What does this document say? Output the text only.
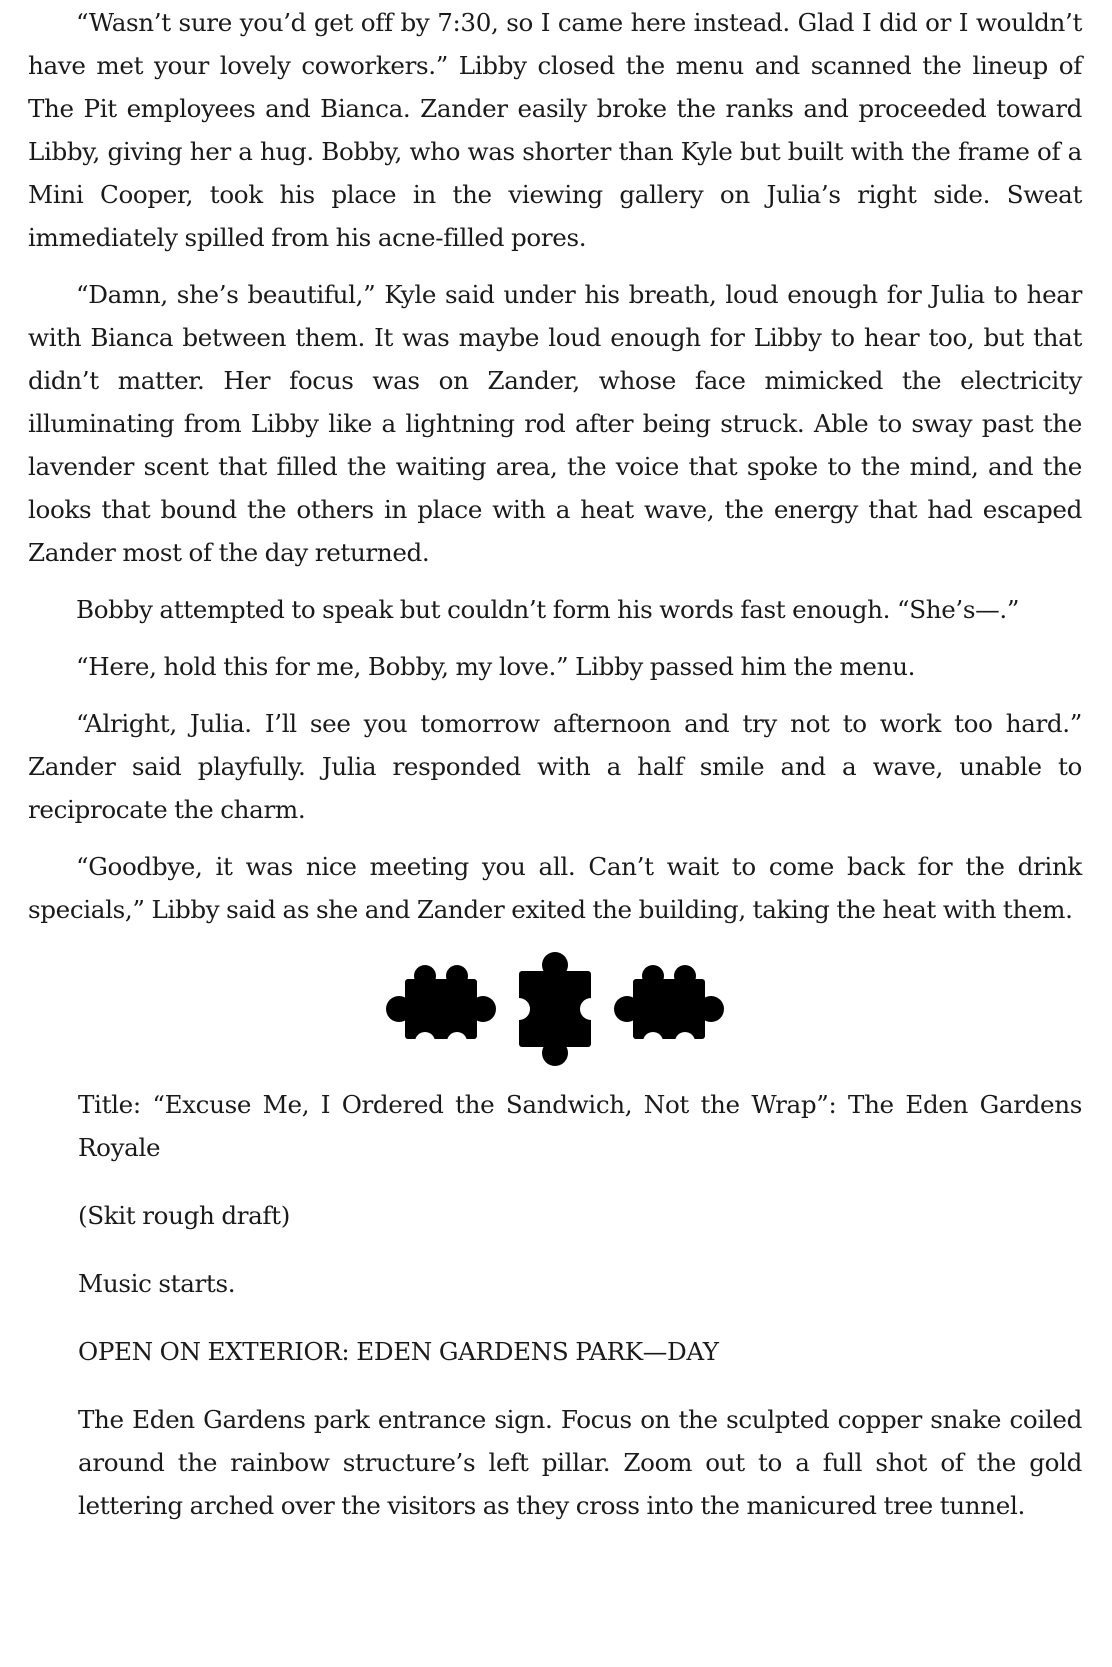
“Wasn’t sure you’d get off by 7:30, so I came here instead. Glad I did or I wouldn’t have met your lovely coworkers.” Libby closed the menu and scanned the lineup of The Pit employees and Bianca. Zander easily broke the ranks and proceeded toward Libby, giving her a hug. Bobby, who was shorter than Kyle but built with the frame of a Mini Cooper, took his place in the viewing gallery on Julia’s right side. Sweat immediately spilled from his acne-filled pores.

“Damn, she’s beautiful,” Kyle said under his breath, loud enough for Julia to hear with Bianca between them. It was maybe loud enough for Libby to hear too, but that didn’t matter. Her focus was on Zander, whose face mimicked the electricity illuminating from Libby like a lightning rod after being struck. Able to sway past the lavender scent that filled the waiting area, the voice that spoke to the mind, and the looks that bound the others in place with a heat wave, the energy that had escaped Zander most of the day returned.

Bobby attempted to speak but couldn’t form his words fast enough. “She’s—.”

“Here, hold this for me, Bobby, my love.” Libby passed him the menu.

“Alright, Julia. I’ll see you tomorrow afternoon and try not to work too hard.” Zander said playfully. Julia responded with a half smile and a wave, unable to reciprocate the charm.

“Goodbye, it was nice meeting you all. Can’t wait to come back for the drink specials,” Libby said as she and Zander exited the building, taking the heat with them.

Title: “Excuse Me, I Ordered the Sandwich, Not the Wrap”: The Eden Gardens Royale

(Skit rough draft)

Music starts.

OPEN ON EXTERIOR: EDEN GARDENS PARK—DAY

The Eden Gardens park entrance sign. Focus on the sculpted copper snake coiled around the rainbow structure’s left pillar. Zoom out to a full shot of the gold lettering arched over the visitors as they cross into the manicured tree tunnel.
